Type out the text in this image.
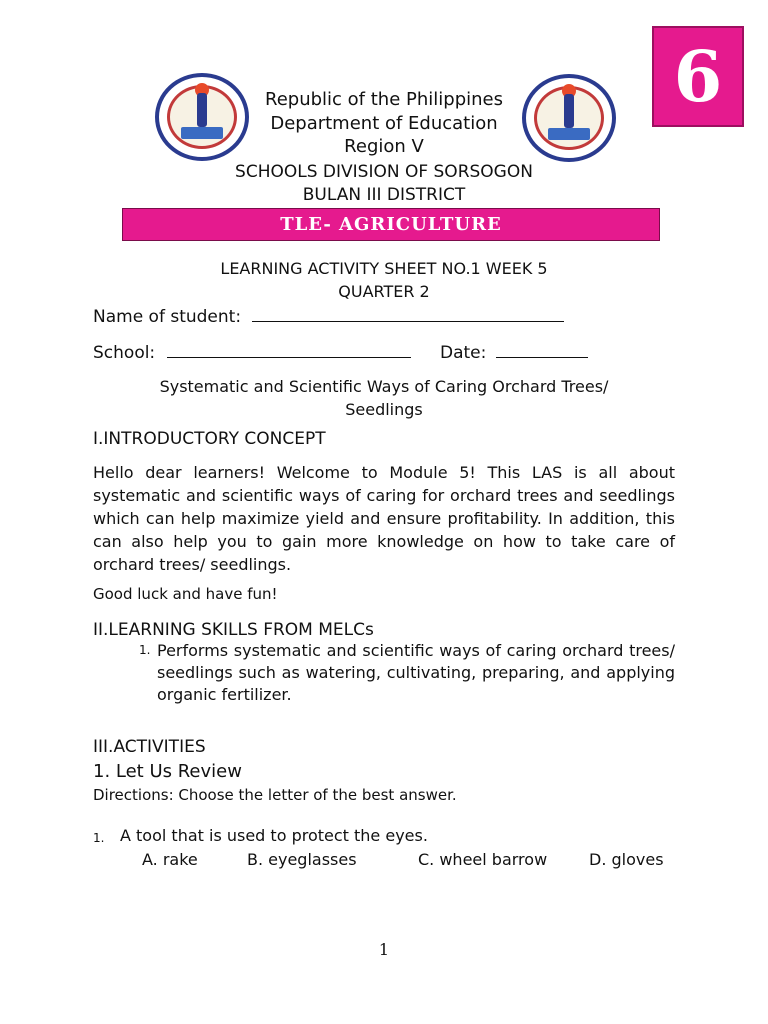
6
Republic of the Philippines
Department of Education
Region V
SCHOOLS DIVISION OF SORSOGON
BULAN III DISTRICT
TLE- AGRICULTURE
LEARNING ACTIVITY SHEET NO.1 WEEK 5
QUARTER 2
Name of student:
School:	Date:
Systematic and Scientific Ways of Caring Orchard Trees/
Seedlings
I.INTRODUCTORY CONCEPT
Hello dear learners! Welcome to Module 5! This LAS is all about systematic and scientific ways of caring for orchard trees and seedlings which can help maximize yield and ensure profitability. In addition, this can also help you to gain more knowledge on how to take care of orchard trees/ seedlings.
Good luck and have fun!
II.LEARNING SKILLS FROM MELCs
1. Performs systematic and scientific ways of caring orchard trees/ seedlings such as watering, cultivating, preparing, and applying organic fertilizer.
III.ACTIVITIES
1. Let Us Review
Directions: Choose the letter of the best answer.
1. A tool that is used to protect the eyes.
A. rake	B. eyeglasses	C. wheel barrow	D. gloves
1
